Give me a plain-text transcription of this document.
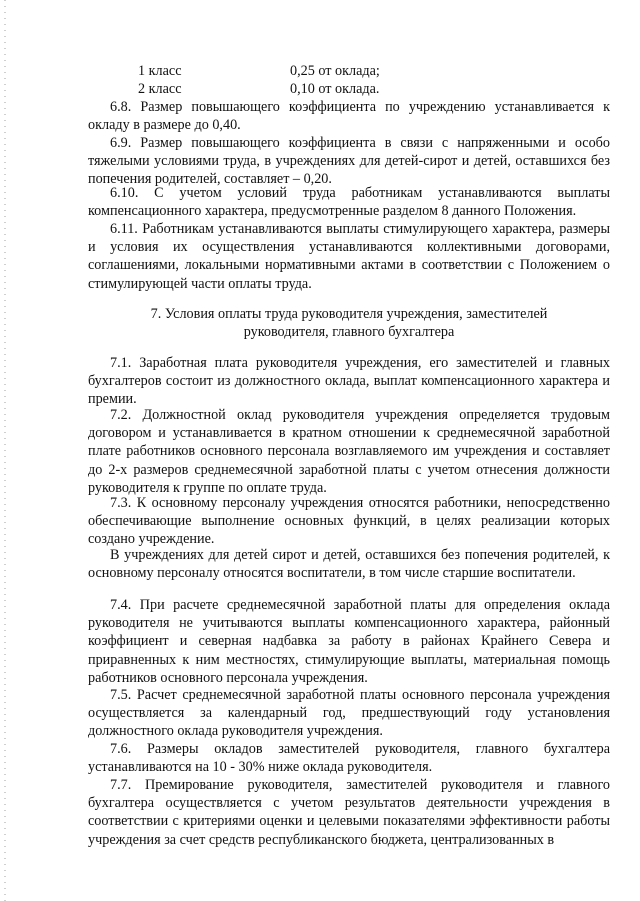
1 класс	0,25 от оклада;
2 класс	0,10 от оклада.
6.8. Размер повышающего коэффициента по учреждению устанавливается к окладу в размере до 0,40.
6.9. Размер повышающего коэффициента в связи с напряженными и особо тяжелыми условиями труда, в учреждениях для детей-сирот и детей, оставшихся без попечения родителей, составляет – 0,20.
6.10. С учетом условий труда работникам устанавливаются выплаты компенсационного характера, предусмотренные разделом 8 данного Положения.
6.11. Работникам устанавливаются выплаты стимулирующего характера, размеры и условия их осуществления устанавливаются коллективными договорами, соглашениями, локальными нормативными актами в соответствии с Положением о стимулирующей части оплаты труда.
7. Условия оплаты труда руководителя учреждения, заместителей
руководителя, главного бухгалтера
7.1. Заработная плата руководителя учреждения, его заместителей и главных бухгалтеров состоит из должностного оклада, выплат компенсационного характера и премии.
7.2. Должностной оклад руководителя учреждения определяется трудовым договором и устанавливается в кратном отношении к среднемесячной заработной плате работников основного персонала возглавляемого им учреждения и составляет до 2-х размеров среднемесячной заработной платы с учетом отнесения должности руководителя к группе по оплате труда.
7.3. К основному персоналу учреждения относятся работники, непосредственно обеспечивающие выполнение основных функций, в целях реализации которых создано учреждение.
В учреждениях для детей сирот и детей, оставшихся без попечения родителей, к основному персоналу относятся воспитатели, в том числе старшие воспитатели.
7.4. При расчете среднемесячной заработной платы для определения оклада руководителя не учитываются выплаты компенсационного характера, районный коэффициент и северная надбавка за работу в районах Крайнего Севера и приравненных к ним местностях, стимулирующие выплаты, материальная помощь работников основного персонала учреждения.
7.5. Расчет среднемесячной заработной платы основного персонала учреждения осуществляется за календарный год, предшествующий году установления должностного оклада руководителя учреждения.
7.6. Размеры окладов заместителей руководителя, главного бухгалтера устанавливаются на 10 - 30% ниже оклада руководителя.
7.7. Премирование руководителя, заместителей руководителя и главного бухгалтера осуществляется с учетом результатов деятельности учреждения в соответствии с критериями оценки и целевыми показателями эффективности работы учреждения за счет средств республиканского бюджета, централизованных в
